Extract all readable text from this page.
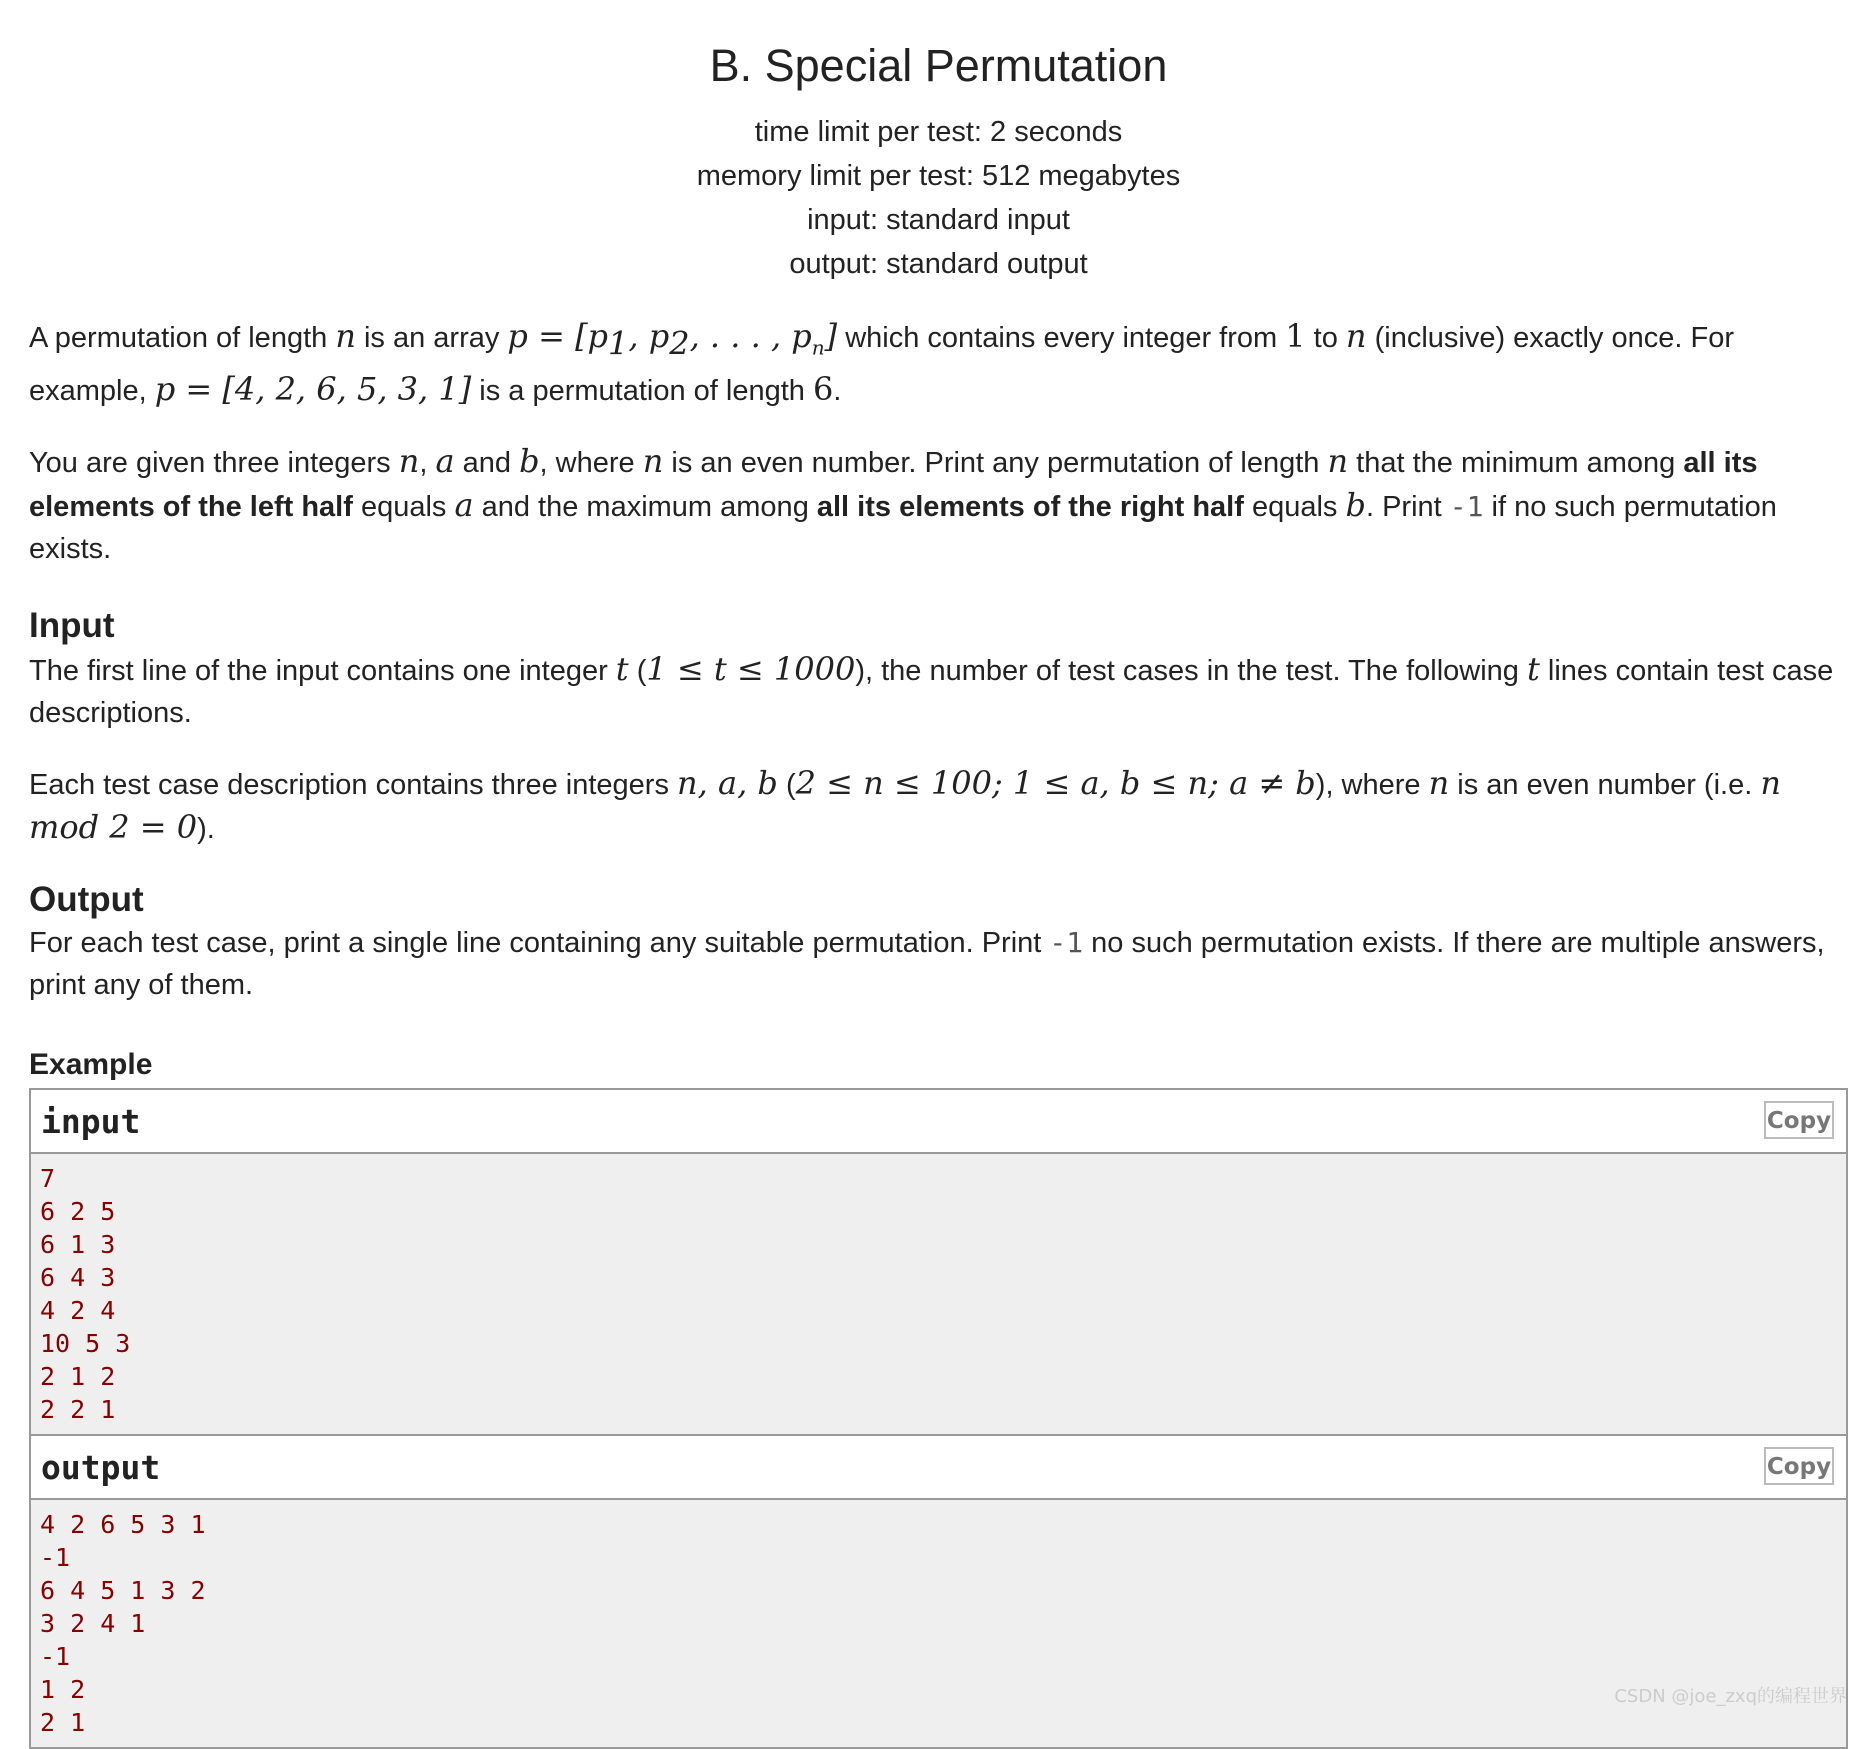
B. Special Permutation
time limit per test: 2 seconds
memory limit per test: 512 megabytes
input: standard input
output: standard output

A permutation of length n is an array $p = [p_1$, $p_2$, . . . , $p_n$] which contains every integer from 1 to n (inclusive) exactly once. For example, p = [4, 2, 6, 5, 3, 1] is a permutation of length 6.

You are given three integers n, a and b, where n is an even number. Print any permutation of length n that the minimum among all its elements of the left half equals a and the maximum among all its elements of the right half equals b. Print -1 if no such permutation exists.

Input

The first line of the input contains one integer t (1 ≤ t ≤ 1000), the number of test cases in the test. The following t lines contain test case descriptions.

Each test case description contains three integers n, a, b (2 ≤ n ≤ 100; 1 ≤ a, b ≤ n; a ≠ b), where n is an even number (i.e. n mod 2 = 0).

Output

For each test case, print a single line containing any suitable permutation. Print -1 no such permutation exists. If there are multiple answers, print any of them.

Example
input	Copy
7
6 2 5
6 1 3
6 4 3
4 2 4
10 5 3
2 1 2
2 2 1
output	Copy
4 2 6 5 3 1
-1
6 4 5 1 3 2
3 2 4 1
-1
1 2
2 1
CSDN @joe_zxq的编程世界
